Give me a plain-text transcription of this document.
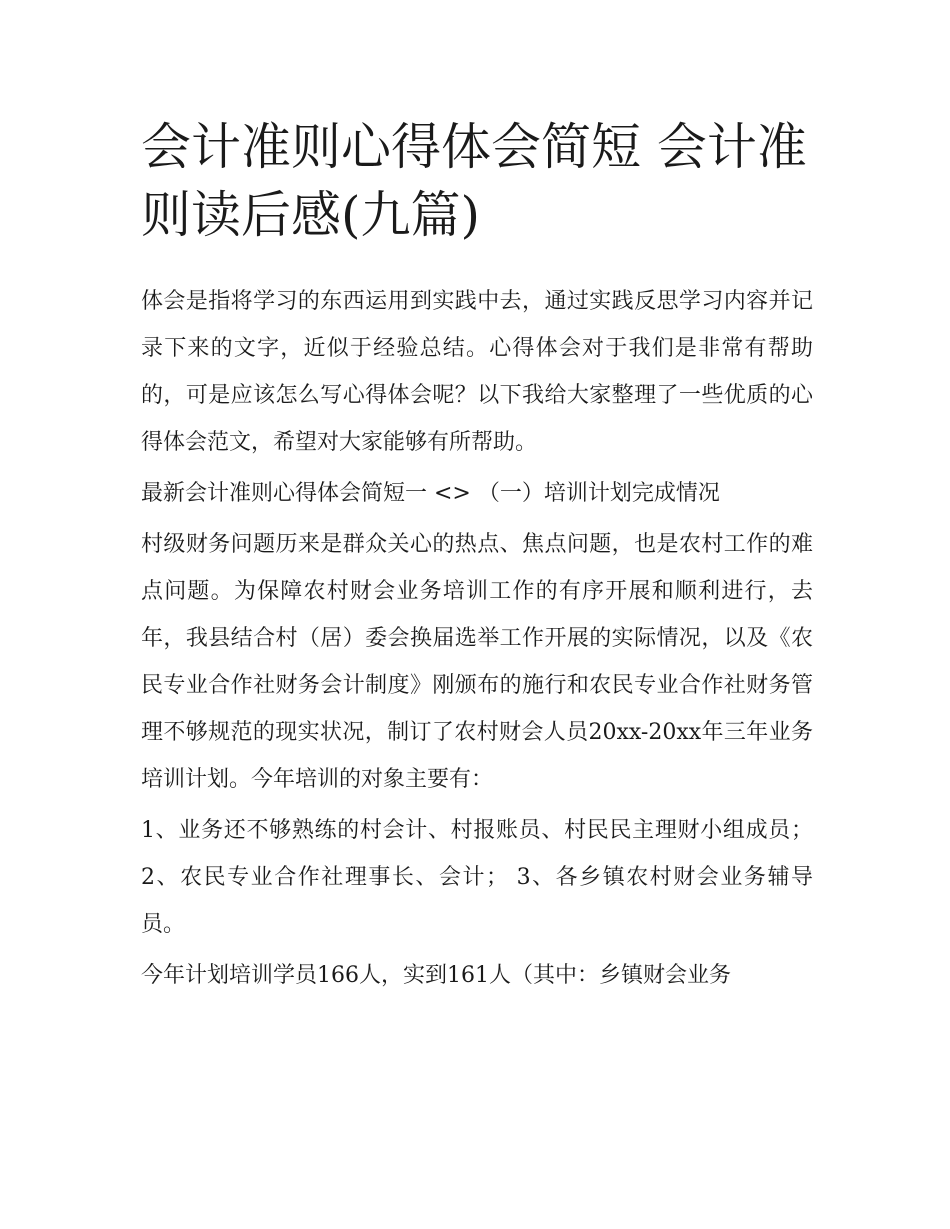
会计准则心得体会简短 会计准则读后感(九篇)

体会是指将学习的东西运用到实践中去，通过实践反思学习内容并记录下来的文字，近似于经验总结。心得体会对于我们是非常有帮助的，可是应该怎么写心得体会呢？以下我给大家整理了一些优质的心得体会范文，希望对大家能够有所帮助。

最新会计准则心得体会简短一 <> （一）培训计划完成情况

村级财务问题历来是群众关心的热点、焦点问题，也是农村工作的难点问题。为保障农村财会业务培训工作的有序开展和顺利进行，去年，我县结合村（居）委会换届选举工作开展的实际情况，以及《农民专业合作社财务会计制度》刚颁布的施行和农民专业合作社财务管理不够规范的现实状况，制订了农村财会人员20xx-20xx年三年业务培训计划。今年培训的对象主要有：

1、业务还不够熟练的村会计、村报账员、村民民主理财小组成员； 2、农民专业合作社理事长、会计； 3、各乡镇农村财会业务辅导员。

今年计划培训学员166人，实到161人（其中：乡镇财会业务
